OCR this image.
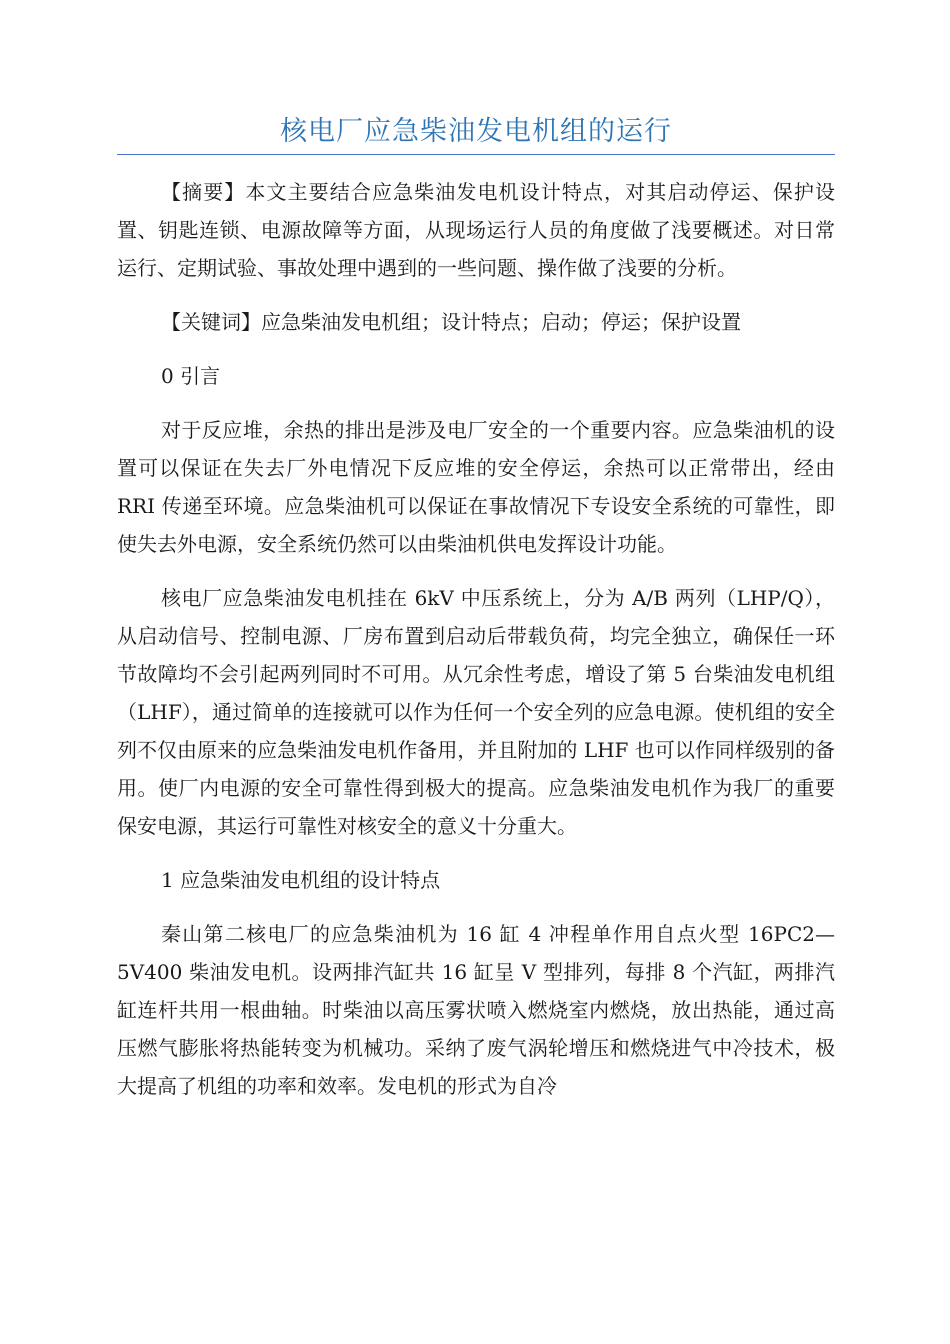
核电厂应急柴油发电机组的运行

【摘要】本文主要结合应急柴油发电机设计特点，对其启动停运、保护设置、钥匙连锁、电源故障等方面，从现场运行人员的角度做了浅要概述。对日常运行、定期试验、事故处理中遇到的一些问题、操作做了浅要的分析。

【关键词】应急柴油发电机组；设计特点；启动；停运；保护设置

0 引言

对于反应堆，余热的排出是涉及电厂安全的一个重要内容。应急柴油机的设置可以保证在失去厂外电情况下反应堆的安全停运，余热可以正常带出，经由 RRI 传递至环境。应急柴油机可以保证在事故情况下专设安全系统的可靠性，即使失去外电源，安全系统仍然可以由柴油机供电发挥设计功能。

核电厂应急柴油发电机挂在 6kV 中压系统上，分为 A/B 两列（LHP/Q），从启动信号、控制电源、厂房布置到启动后带载负荷，均完全独立，确保任一环节故障均不会引起两列同时不可用。从冗余性考虑，增设了第 5 台柴油发电机组（LHF），通过简单的连接就可以作为任何一个安全列的应急电源。使机组的安全列不仅由原来的应急柴油发电机作备用，并且附加的 LHF 也可以作同样级别的备用。使厂内电源的安全可靠性得到极大的提高。应急柴油发电机作为我厂的重要保安电源，其运行可靠性对核安全的意义十分重大。

1 应急柴油发电机组的设计特点

秦山第二核电厂的应急柴油机为 16 缸 4 冲程单作用自点火型 16PC2—5V400 柴油发电机。设两排汽缸共 16 缸呈 V 型排列，每排 8 个汽缸，两排汽缸连杆共用一根曲轴。时柴油以高压雾状喷入燃烧室内燃烧，放出热能，通过高压燃气膨胀将热能转变为机械功。采纳了废气涡轮增压和燃烧进气中冷技术，极大提高了机组的功率和效率。发电机的形式为自冷
